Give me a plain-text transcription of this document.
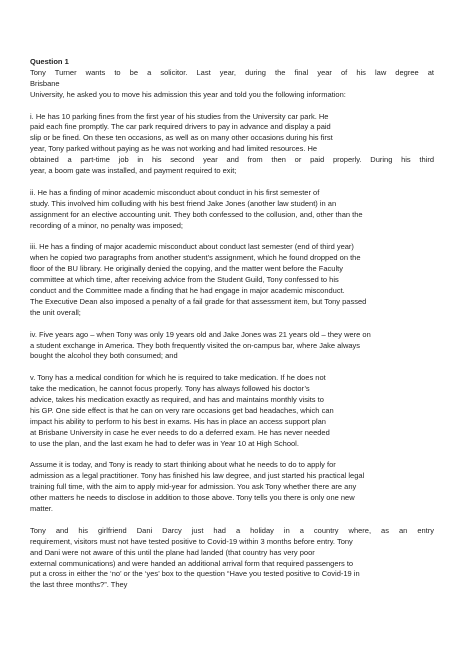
Question 1
Tony Turner wants to be a solicitor. Last year, during the final year of his law degree at
Brisbane
University, he asked you to move his admission this year and told you the following information:

i. He has 10 parking fines from the first year of his studies from the University car park. He
paid each fine promptly. The car park required drivers to pay in advance and display a paid
slip or be fined. On these ten occasions, as well as on many other occasions during his first
year, Tony parked without paying as he was not working and had limited resources. He
obtained a part-time job in his second year and from then or paid properly. During his third
year, a boom gate was installed, and payment required to exit;

ii. He has a finding of minor academic misconduct about conduct in his first semester of
study. This involved him colluding with his best friend Jake Jones (another law student) in an
assignment for an elective accounting unit. They both confessed to the collusion, and, other than the
recording of a minor, no penalty was imposed;

iii. He has a finding of major academic misconduct about conduct last semester (end of third year)
when he copied two paragraphs from another student’s assignment, which he found dropped on the
floor of the BU library. He originally denied the copying, and the matter went before the Faculty
committee at which time, after receiving advice from the Student Guild, Tony confessed to his
conduct and the Committee made a finding that he had engage in major academic misconduct.
The Executive Dean also imposed a penalty of a fail grade for that assessment item, but Tony passed
the unit overall;

iv. Five years ago – when Tony was only 19 years old and Jake Jones was 21 years old – they were on
a student exchange in America. They both frequently visited the on-campus bar, where Jake always
bought the alcohol they both consumed; and

v. Tony has a medical condition for which he is required to take medication. If he does not
take the medication, he cannot focus properly. Tony has always followed his doctor’s
advice, takes his medication exactly as required, and has and maintains monthly visits to
his GP. One side effect is that he can on very rare occasions get bad headaches, which can
impact his ability to perform to his best in exams. His has in place an access support plan
at Brisbane University in case he ever needs to do a deferred exam. He has never needed
to use the plan, and the last exam he had to defer was in Year 10 at High School.

Assume it is today, and Tony is ready to start thinking about what he needs to do to apply for
admission as a legal practitioner. Tony has finished his law degree, and just started his practical legal
training full time, with the aim to apply mid-year for admission. You ask Tony whether there are any
other matters he needs to disclose in addition to those above. Tony tells you there is only one new
matter.

Tony and his girlfriend Dani Darcy just had a holiday in a country where, as an entry
requirement, visitors must not have tested positive to Covid-19 within 3 months before entry. Tony
and Dani were not aware of this until the plane had landed (that country has very poor
external communications) and were handed an additional arrival form that required passengers to
put a cross in either the ‘no’ or the ‘yes’ box to the question “Have you tested positive to Covid-19 in
the last three months?”. They
